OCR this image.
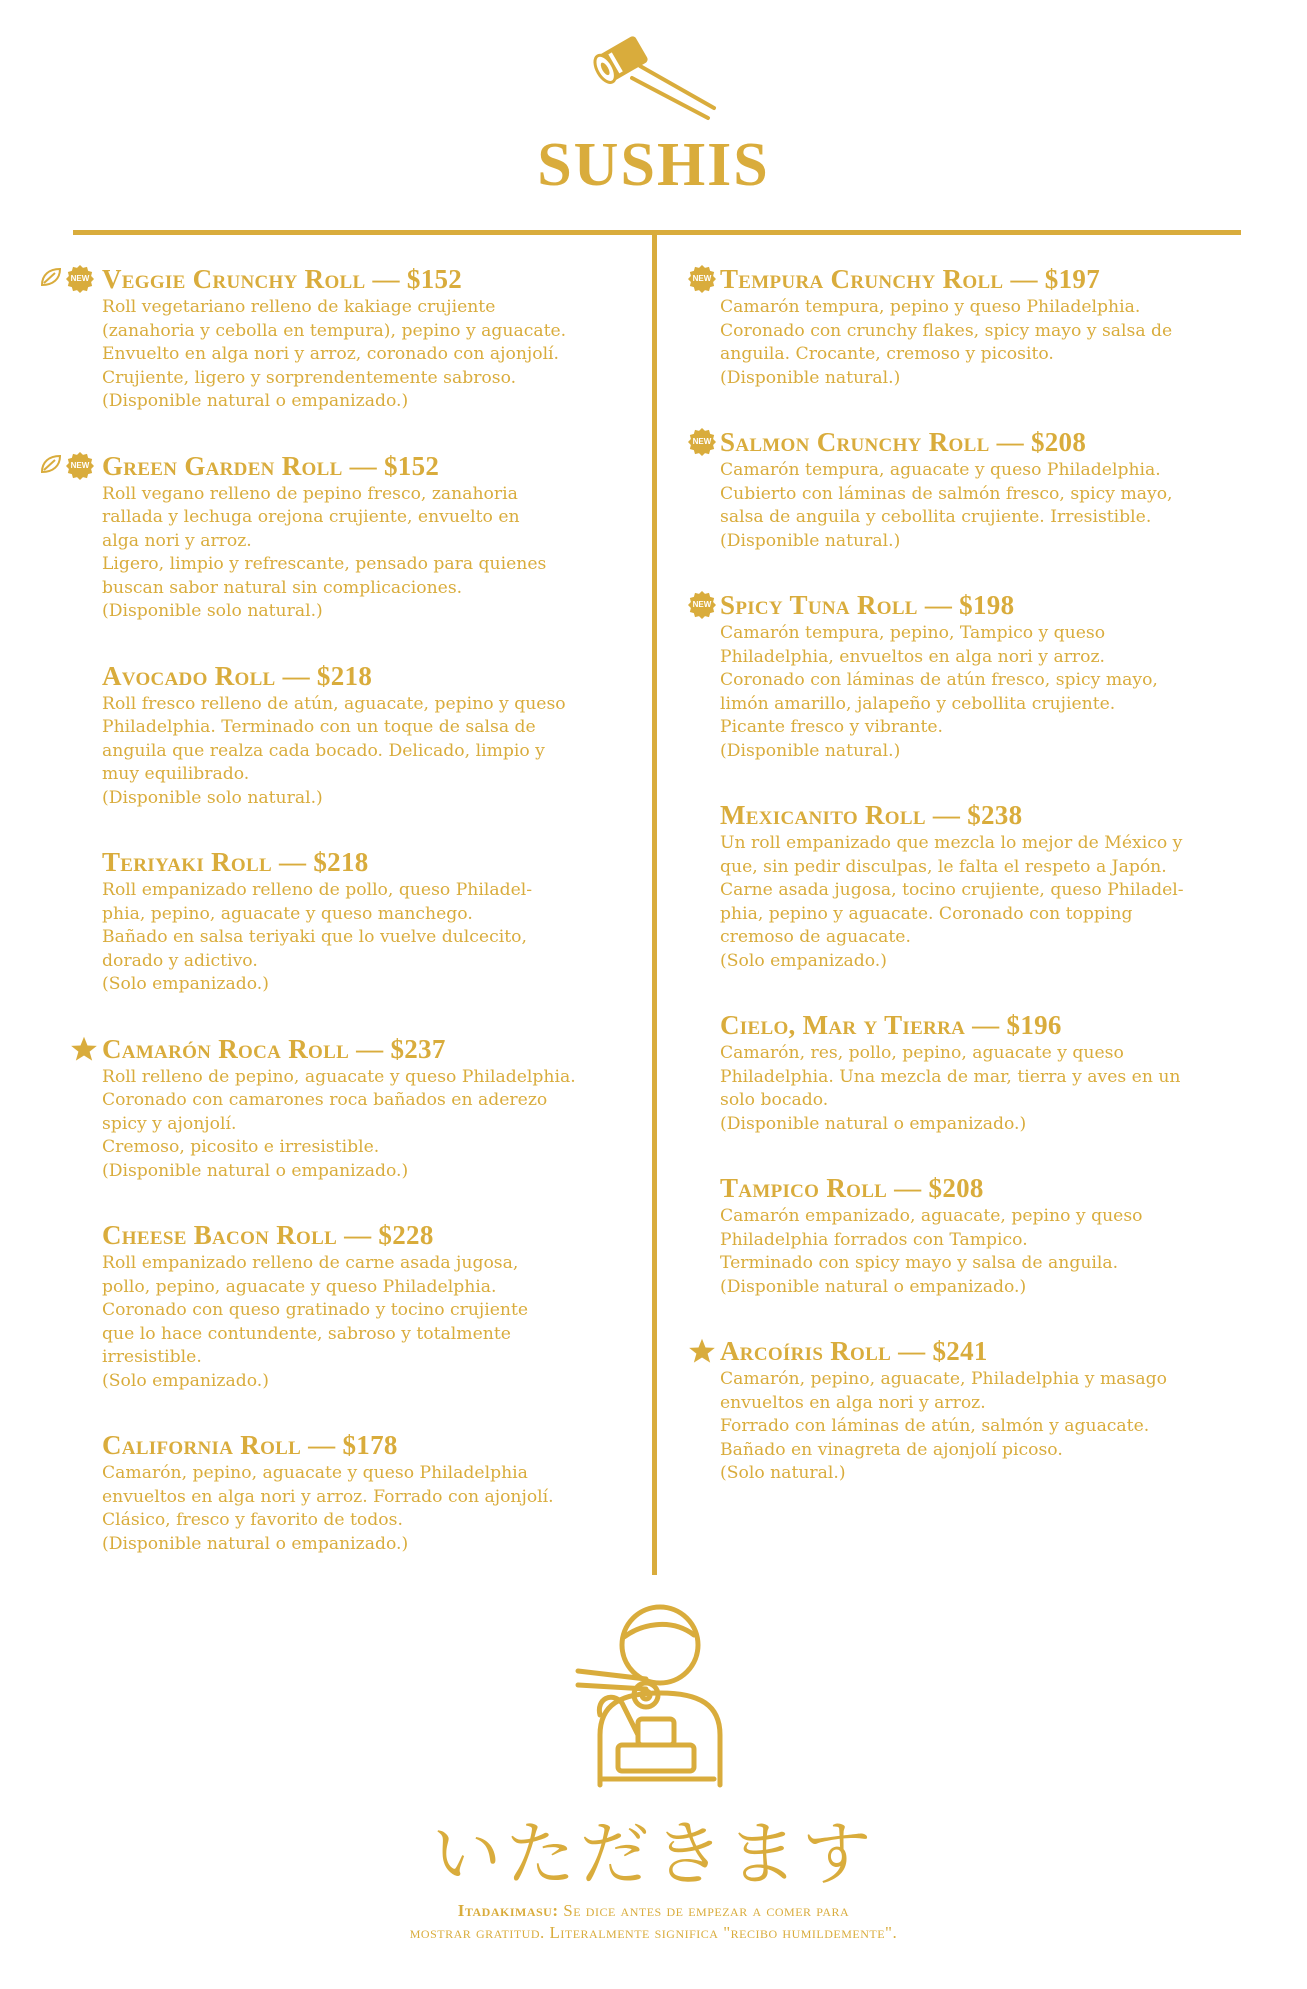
SUSHIS
NEW Veggie Crunchy Roll — $152

Roll vegetariano relleno de kakiage crujiente
(zanahoria y cebolla en tempura), pepino y aguacate.
Envuelto en alga nori y arroz, coronado con ajonjolí.
Crujiente, ligero y sorprendentemente sabroso.
(Disponible natural o empanizado.)

NEW Green Garden Roll — $152

Roll vegano relleno de pepino fresco, zanahoria
rallada y lechuga orejona crujiente, envuelto en
alga nori y arroz.
Ligero, limpio y refrescante, pensado para quienes
buscan sabor natural sin complicaciones.
(Disponible solo natural.)

Avocado Roll — $218

Roll fresco relleno de atún, aguacate, pepino y queso
Philadelphia. Terminado con un toque de salsa de
anguila que realza cada bocado. Delicado, limpio y
muy equilibrado.
(Disponible solo natural.)

Teriyaki Roll — $218

Roll empanizado relleno de pollo, queso Philadel-
phia, pepino, aguacate y queso manchego.
Bañado en salsa teriyaki que lo vuelve dulcecito,
dorado y adictivo.
(Solo empanizado.)

Camarón Roca Roll — $237

Roll relleno de pepino, aguacate y queso Philadelphia.
Coronado con camarones roca bañados en aderezo
spicy y ajonjolí.
Cremoso, picosito e irresistible.
(Disponible natural o empanizado.)

Cheese Bacon Roll — $228

Roll empanizado relleno de carne asada jugosa,
pollo, pepino, aguacate y queso Philadelphia.
Coronado con queso gratinado y tocino crujiente
que lo hace contundente, sabroso y totalmente
irresistible.
(Solo empanizado.)

California Roll — $178

Camarón, pepino, aguacate y queso Philadelphia
envueltos en alga nori y arroz. Forrado con ajonjolí.
Clásico, fresco y favorito de todos.
(Disponible natural o empanizado.)

NEW Tempura Crunchy Roll — $197

Camarón tempura, pepino y queso Philadelphia.
Coronado con crunchy flakes, spicy mayo y salsa de
anguila. Crocante, cremoso y picosito.
(Disponible natural.)

NEW Salmon Crunchy Roll — $208

Camarón tempura, aguacate y queso Philadelphia.
Cubierto con láminas de salmón fresco, spicy mayo,
salsa de anguila y cebollita crujiente. Irresistible.
(Disponible natural.)

NEW Spicy Tuna Roll — $198

Camarón tempura, pepino, Tampico y queso
Philadelphia, envueltos en alga nori y arroz.
Coronado con láminas de atún fresco, spicy mayo,
limón amarillo, jalapeño y cebollita crujiente.
Picante fresco y vibrante.
(Disponible natural.)

Mexicanito Roll — $238

Un roll empanizado que mezcla lo mejor de México y
que, sin pedir disculpas, le falta el respeto a Japón.
Carne asada jugosa, tocino crujiente, queso Philadel-
phia, pepino y aguacate. Coronado con topping
cremoso de aguacate.
(Solo empanizado.)

Cielo, Mar y Tierra — $196

Camarón, res, pollo, pepino, aguacate y queso
Philadelphia. Una mezcla de mar, tierra y aves en un
solo bocado.
(Disponible natural o empanizado.)

Tampico Roll — $208

Camarón empanizado, aguacate, pepino y queso
Philadelphia forrados con Tampico.
Terminado con spicy mayo y salsa de anguila.
(Disponible natural o empanizado.)

Arcoíris Roll — $241

Camarón, pepino, aguacate, Philadelphia y masago
envueltos en alga nori y arroz.
Forrado con láminas de atún, salmón y aguacate.
Bañado en vinagreta de ajonjolí picoso.
(Solo natural.)

いただきます

Itadakimasu: Se dice antes de empezar a comer para
mostrar gratitud. Literalmente significa "recibo humildemente".
